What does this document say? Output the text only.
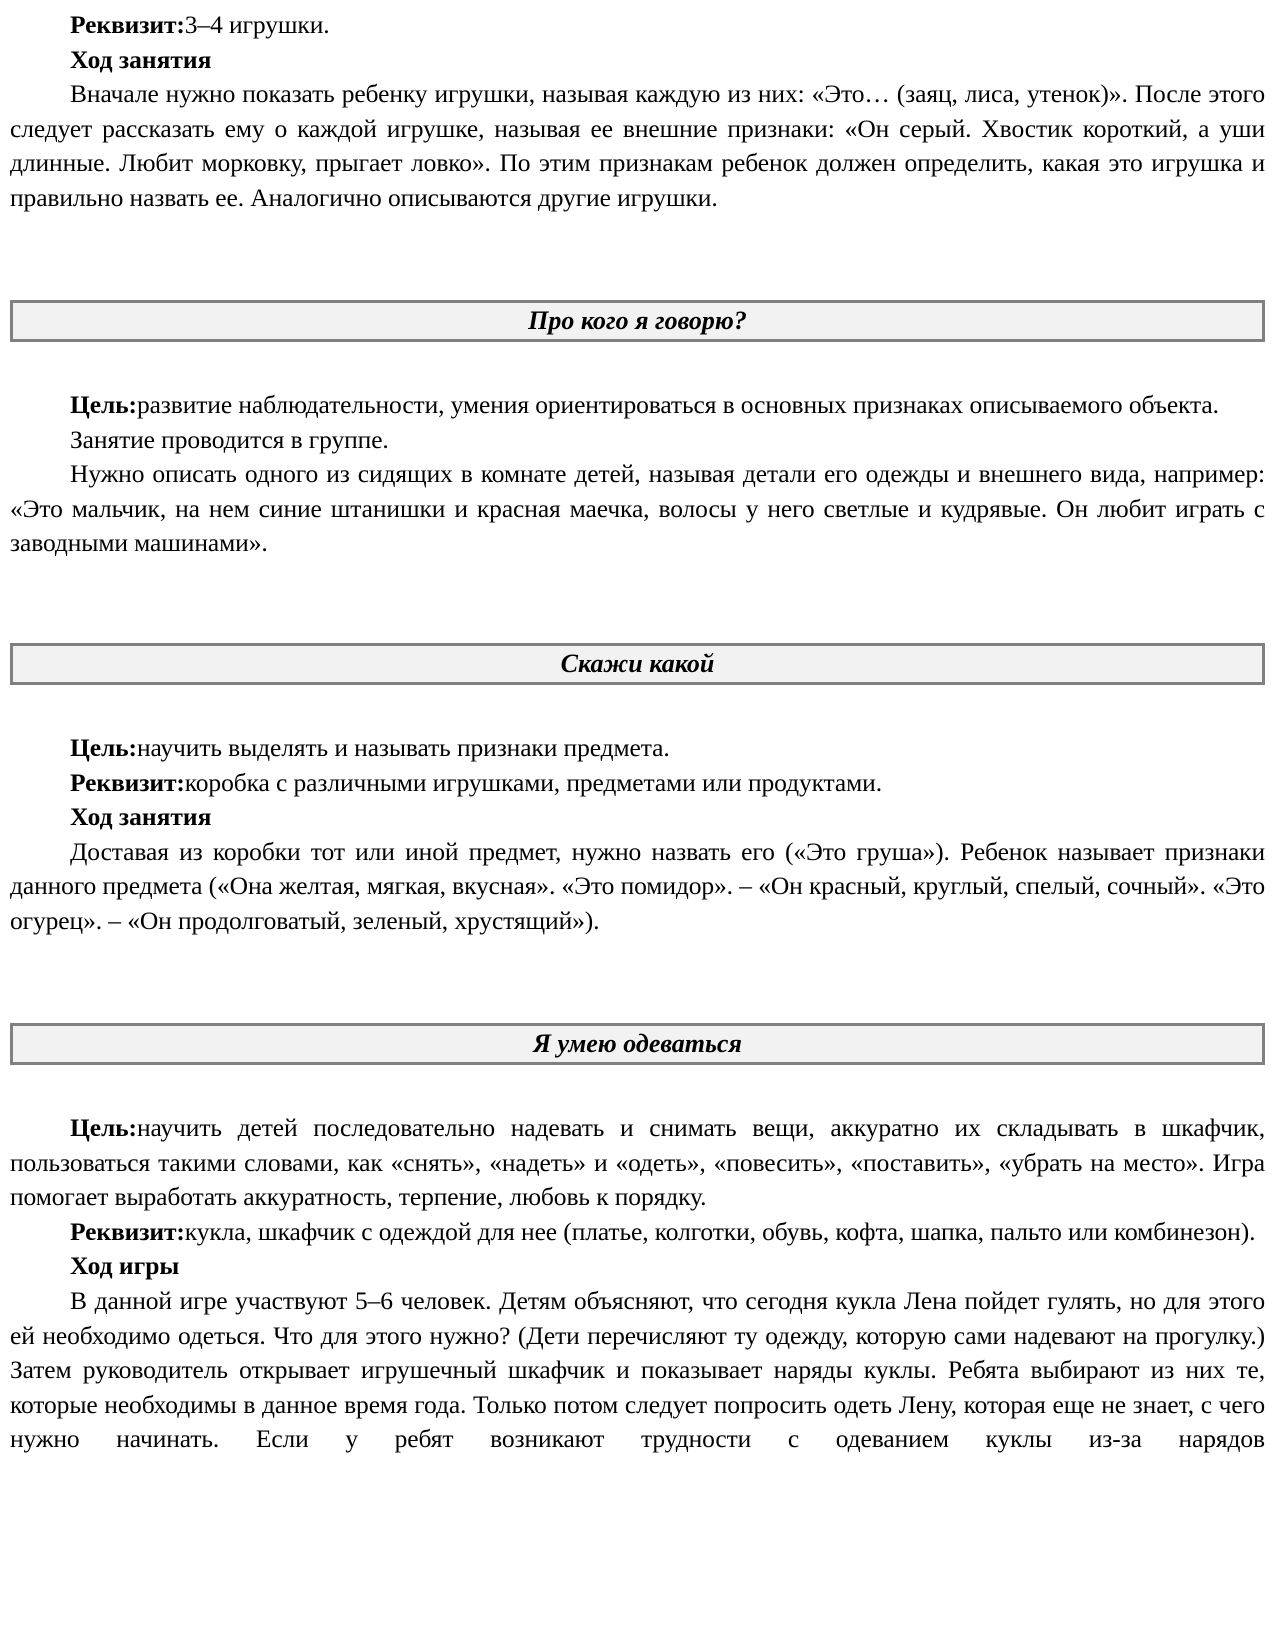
Реквизит:3–4 игрушки.

Ход занятия

Вначале нужно показать ребенку игрушки, называя каждую из них: «Это… (заяц, лиса, утенок)». После этого следует рассказать ему о каждой игрушке, называя ее внешние признаки: «Он серый. Хвостик короткий, а уши длинные. Любит морковку, прыгает ловко». По этим признакам ребенок должен определить, какая это игрушка и правильно назвать ее. Аналогично описываются другие игрушки.

Про кого я говорю?

Цель:развитие наблюдательности, умения ориентироваться в основных признаках описываемого объекта.

Занятие проводится в группе.

Нужно описать одного из сидящих в комнате детей, называя детали его одежды и внешнего вида, например: «Это мальчик, на нем синие штанишки и красная маечка, волосы у него светлые и кудрявые. Он любит играть с заводными машинами».

Скажи какой

Цель:научить выделять и называть признаки предмета.

Реквизит:коробка с различными игрушками, предметами или продуктами.

Ход занятия

Доставая из коробки тот или иной предмет, нужно назвать его («Это груша»). Ребенок называет признаки данного предмета («Она желтая, мягкая, вкусная». «Это помидор». – «Он красный, круглый, спелый, сочный». «Это огурец». – «Он продолговатый, зеленый, хрустящий»).

Я умею одеваться

Цель:научить детей последовательно надевать и снимать вещи, аккуратно их складывать в шкафчик, пользоваться такими словами, как «снять», «надеть» и «одеть», «повесить», «поставить», «убрать на место». Игра помогает выработать аккуратность, терпение, любовь к порядку.

Реквизит:кукла, шкафчик с одеждой для нее (платье, колготки, обувь, кофта, шапка, пальто или комбинезон).

Ход игры

В данной игре участвуют 5–6 человек. Детям объясняют, что сегодня кукла Лена пойдет гулять, но для этого ей необходимо одеться. Что для этого нужно? (Дети перечисляют ту одежду, которую сами надевают на прогулку.) Затем руководитель открывает игрушечный шкафчик и показывает наряды куклы. Ребята выбирают из них те, которые необходимы в данное время года. Только потом следует попросить одеть Лену, которая еще не знает, с чего нужно начинать. Если у ребят возникают трудности с одеванием куклы из-за нарядов
